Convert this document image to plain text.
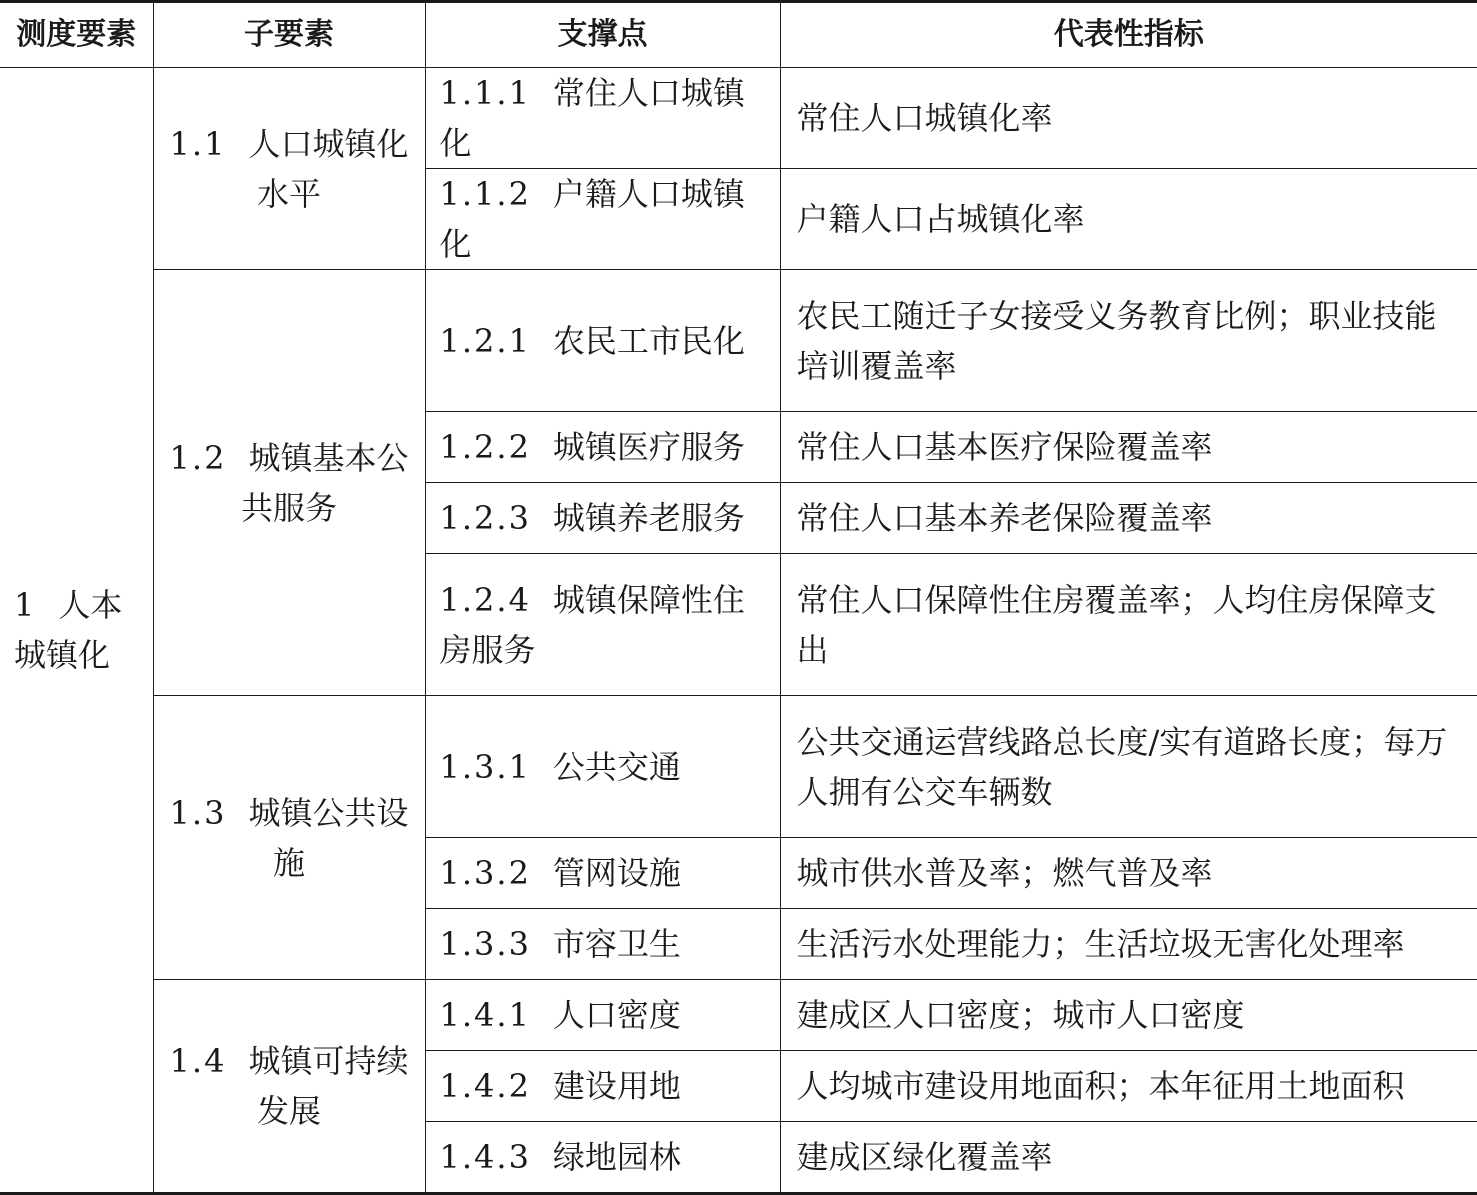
测度要素	子要素	支撑点	代表性指标
1 人本城镇化	1.1 人口城镇化水平	1.1.1 常住人口城镇化	常住人口城镇化率
		1.1.2 户籍人口城镇化	户籍人口占城镇化率
	1.2 城镇基本公共服务	1.2.1 农民工市民化	农民工随迁子女接受义务教育比例；职业技能培训覆盖率
		1.2.2 城镇医疗服务	常住人口基本医疗保险覆盖率
		1.2.3 城镇养老服务	常住人口基本养老保险覆盖率
		1.2.4 城镇保障性住房服务	常住人口保障性住房覆盖率；人均住房保障支出
	1.3 城镇公共设施	1.3.1 公共交通	公共交通运营线路总长度/实有道路长度；每万人拥有公交车辆数
		1.3.2 管网设施	城市供水普及率；燃气普及率
		1.3.3 市容卫生	生活污水处理能力；生活垃圾无害化处理率
	1.4 城镇可持续发展	1.4.1 人口密度	建成区人口密度；城市人口密度
		1.4.2 建设用地	人均城市建设用地面积；本年征用土地面积
		1.4.3 绿地园林	建成区绿化覆盖率
